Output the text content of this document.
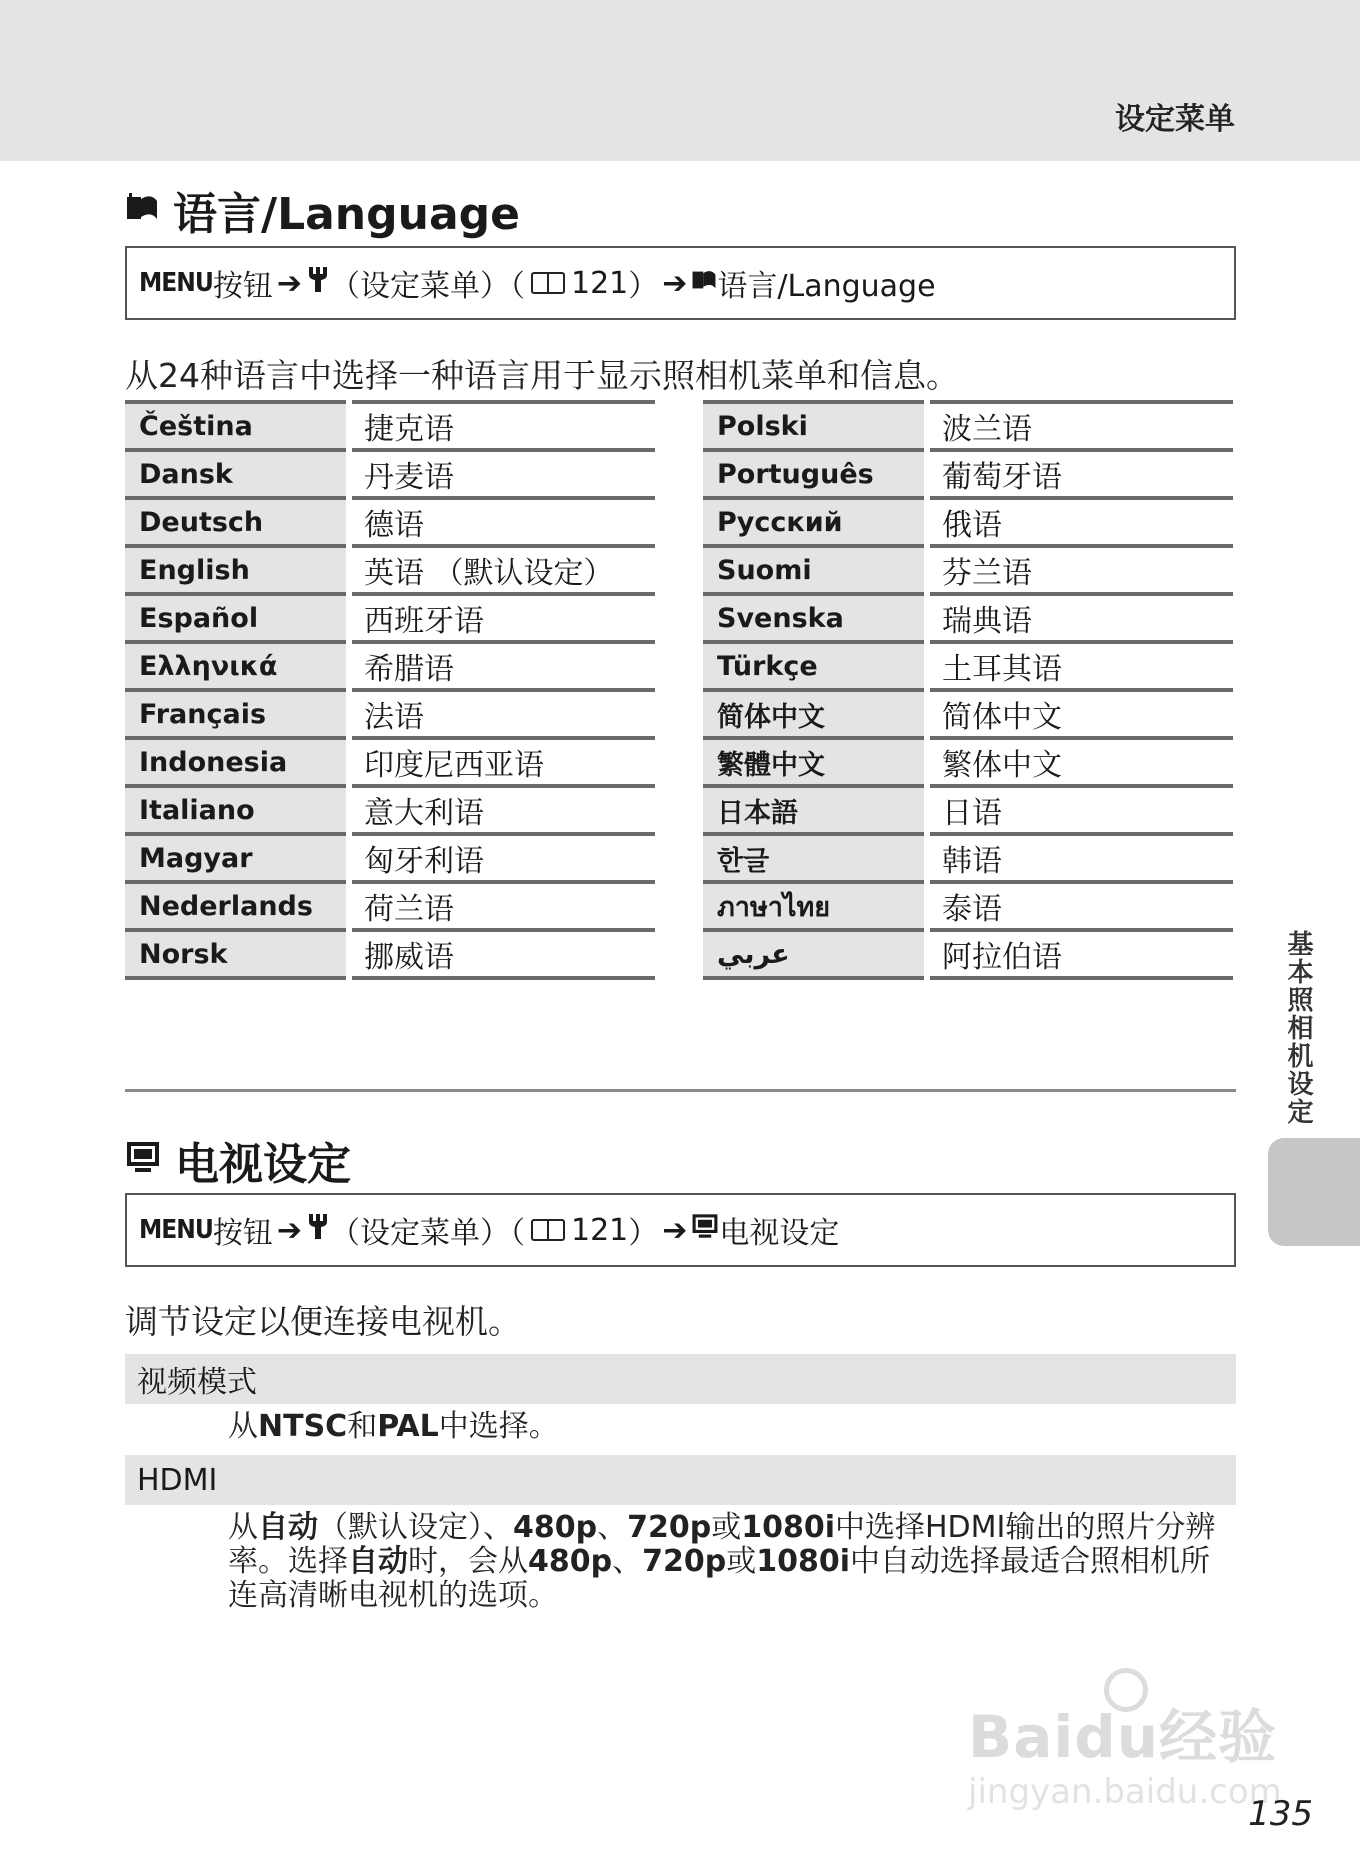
设定菜单
语言/Language
MENU 按钮 ➔ （设定菜单）（ 121 ） ➔ 语言/Language
从24种语言中选择一种语言用于显示照相机菜单和信息。
Čeština	捷克语
Dansk	丹麦语
Deutsch	德语
English	英语 （默认设定）
Español	西班牙语
Ελληνικά	希腊语
Français	法语
Indonesia	印度尼西亚语
Italiano	意大利语
Magyar	匈牙利语
Nederlands	荷兰语
Norsk	挪威语
Polski	波兰语
Português	葡萄牙语
Русский	俄语
Suomi	芬兰语
Svenska	瑞典语
Türkçe	土耳其语
简体中文	简体中文
繁體中文	繁体中文
日本語	日语
한글	韩语
ภาษาไทย	泰语
عربي	阿拉伯语
电视设定
MENU 按钮 ➔ （设定菜单）（ 121 ） ➔ 电视设定
调节设定以便连接电视机。
视频模式
从NTSC和PAL中选择。
HDMI
从自动（默认设定）、480p、720p或1080i中选择HDMI输出的照片分辨率。选择自动时，会从480p、720p或1080i中自动选择最适合照相机所连高清晰电视机的选项。
基本照相机设定
Baidu经验
jingyan.baidu.com
135
